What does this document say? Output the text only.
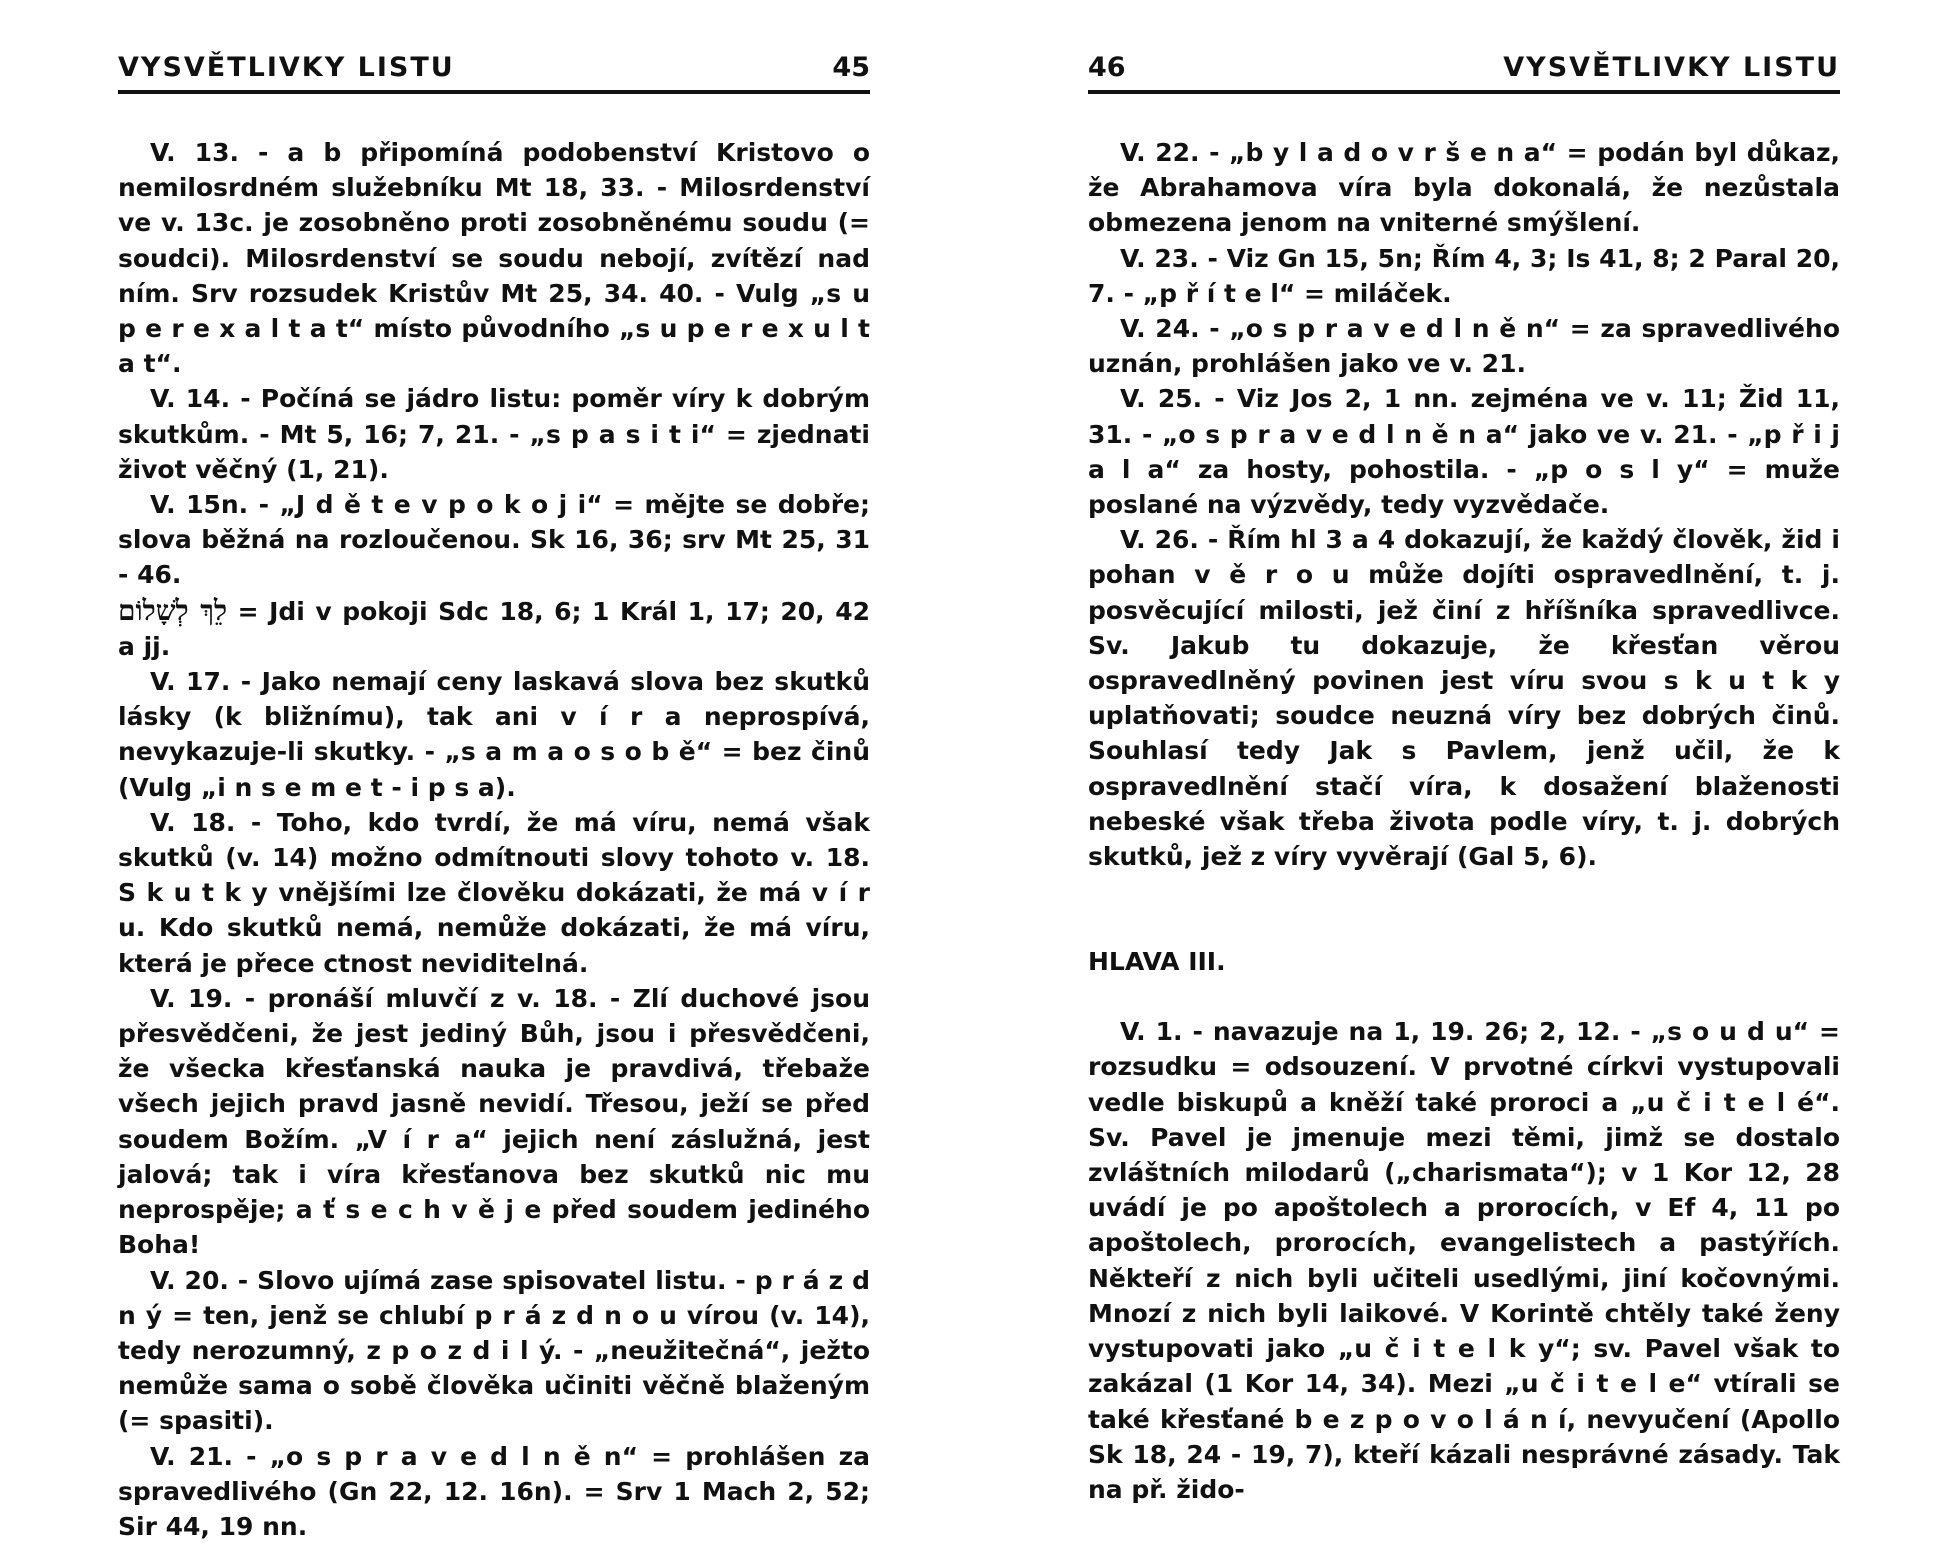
VYSVĚTLIVKY LISTU	45

V. 13. - a b připomíná podobenství Kristovo o nemilosrdném služebníku Mt 18, 33. - Milosrdenství ve v. 13c. je zosobněno proti zosobněnému soudu (= soudci). Milosrdenství se soudu nebojí, zvítězí nad ním. Srv rozsudek Kristův Mt 25, 34. 40. - Vulg „s u p e r e x a l t a t“ místo původního „s u p e r e x u l t a t“.

V. 14. - Počíná se jádro listu: poměr víry k dobrým skutkům. - Mt 5, 16; 7, 21. - „s p a s i t i“ = zjednati život věčný (1, 21).

V. 15n. - „J d ě t e v p o k o j i“ = mějte se dobře; slova běžná na rozloučenou. Sk 16, 36; srv Mt 25, 31 - 46.

לֵךְ לְשָׁלוֹם = Jdi v pokoji Sdc 18, 6; 1 Král 1, 17; 20, 42 a jj.

V. 17. - Jako nemají ceny laskavá slova bez skutků lásky (k bližnímu), tak ani v í r a neprospívá, nevykazuje-li skutky. - „s a m a o s o b ě“ = bez činů (Vulg „i n s e m e t - i p s a).

V. 18. - Toho, kdo tvrdí, že má víru, nemá však skutků (v. 14) možno odmítnouti slovy tohoto v. 18. S k u t k y vnějšími lze člověku dokázati, že má v í r u. Kdo skutků nemá, nemůže dokázati, že má víru, která je přece ctnost neviditelná.

V. 19. - pronáší mluvčí z v. 18. - Zlí duchové jsou přesvědčeni, že jest jediný Bůh, jsou i přesvědčeni, že všecka křesťanská nauka je pravdivá, třebaže všech jejich pravd jasně nevidí. Třesou, ježí se před soudem Božím. „V í r a“ jejich není záslužná, jest jalová; tak i víra křesťanova bez skutků nic mu neprospěje; a ť s e c h v ě j e před soudem jediného Boha!

V. 20. - Slovo ujímá zase spisovatel listu. - p r á z d n ý = ten, jenž se chlubí p r á z d n o u vírou (v. 14), tedy nerozumný, z p o z d i l ý. - „neužitečná“, ježto nemůže sama o sobě člověka učiniti věčně blaženým (= spasiti).

V. 21. - „o s p r a v e d l n ě n“ = prohlášen za spravedlivého (Gn 22, 12. 16n). = Srv 1 Mach 2, 52; Sir 44, 19 nn.

46	VYSVĚTLIVKY LISTU

V. 22. - „b y l a d o v r š e n a“ = podán byl důkaz, že Abrahamova víra byla dokonalá, že nezůstala obmezena jenom na vniterné smýšlení.

V. 23. - Viz Gn 15, 5n; Řím 4, 3; Is 41, 8; 2 Paral 20, 7. - „p ř í t e l“ = miláček.

V. 24. - „o s p r a v e d l n ě n“ = za spravedlivého uznán, prohlášen jako ve v. 21.

V. 25. - Viz Jos 2, 1 nn. zejména ve v. 11; Žid 11, 31. - „o s p r a v e d l n ě n a“ jako ve v. 21. - „p ř i j a l a“ za hosty, pohostila. - „p o s l y“ = muže poslané na výzvědy, tedy vyzvědače.

V. 26. - Řím hl 3 a 4 dokazují, že každý člověk, žid i pohan v ě r o u může dojíti ospravedlnění, t. j. posvěcující milosti, jež činí z hříšníka spravedlivce. Sv. Jakub tu dokazuje, že křesťan věrou ospravedlněný povinen jest víru svou s k u t k y uplatňovati; soudce neuzná víry bez dobrých činů. Souhlasí tedy Jak s Pavlem, jenž učil, že k ospravedlnění stačí víra, k dosažení blaženosti nebeské však třeba života podle víry, t. j. dobrých skutků, jež z víry vyvěrají (Gal 5, 6).

HLAVA III.

V. 1. - navazuje na 1, 19. 26; 2, 12. - „s o u d u“ = rozsudku = odsouzení. V prvotné církvi vystupovali vedle biskupů a kněží také proroci a „u č i t e l é“. Sv. Pavel je jmenuje mezi těmi, jimž se dostalo zvláštních milodarů („charismata“); v 1 Kor 12, 28 uvádí je po apoštolech a prorocích, v Ef 4, 11 po apoštolech, prorocích, evangelistech a pastýřích. Někteří z nich byli učiteli usedlými, jiní kočovnými. Mnozí z nich byli laikové. V Korintě chtěly také ženy vystupovati jako „u č i t e l k y“; sv. Pavel však to zakázal (1 Kor 14, 34). Mezi „u č i t e l e“ vtírali se také křesťané b e z p o v o l á n í, nevyučení (Apollo Sk 18, 24 - 19, 7), kteří kázali nesprávné zásady. Tak na př. žido-
